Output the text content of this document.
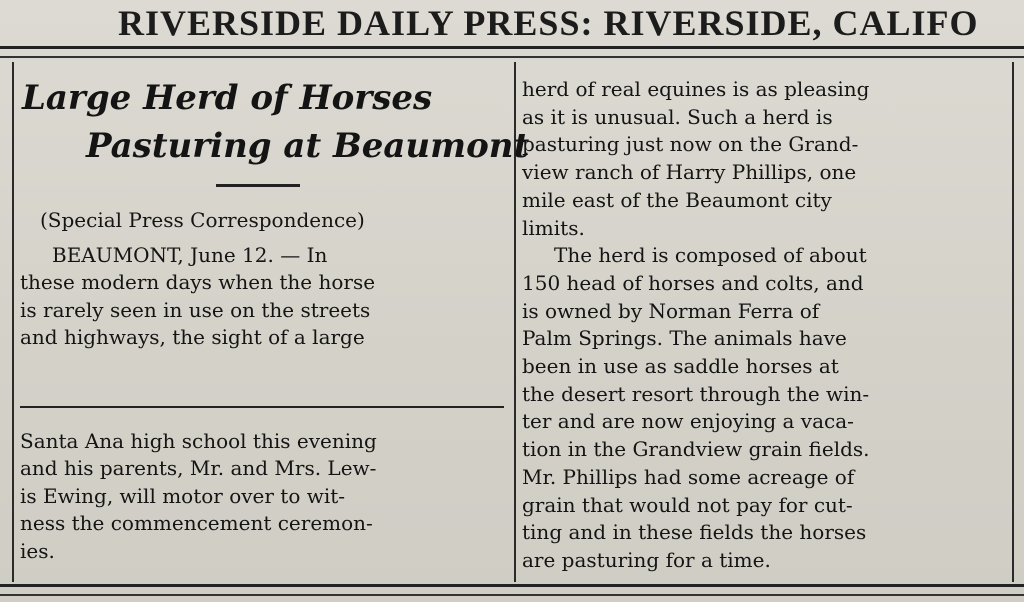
RIVERSIDE DAILY PRESS: RIVERSIDE, CALIFO
Large Herd of Horses
Pasturing at Beaumont
(Special Press Correspondence)

BEAUMONT, June 12. — In

these modern days when the horse

is rarely seen in use on the streets

and highways, the sight of a large

Santa Ana high school this evening

and his parents, Mr. and Mrs. Lew-

is Ewing, will motor over to wit-

ness the commencement ceremon-

ies.

herd of real equines is as pleasing

as it is unusual. Such a herd is

pasturing just now on the Grand-

view ranch of Harry Phillips, one

mile east of the Beaumont city

limits.

The herd is composed of about

150 head of horses and colts, and

is owned by Norman Ferra of

Palm Springs. The animals have

been in use as saddle horses at

the desert resort through the win-

ter and are now enjoying a vaca-

tion in the Grandview grain fields.

Mr. Phillips had some acreage of

grain that would not pay for cut-

ting and in these fields the horses

are pasturing for a time.
